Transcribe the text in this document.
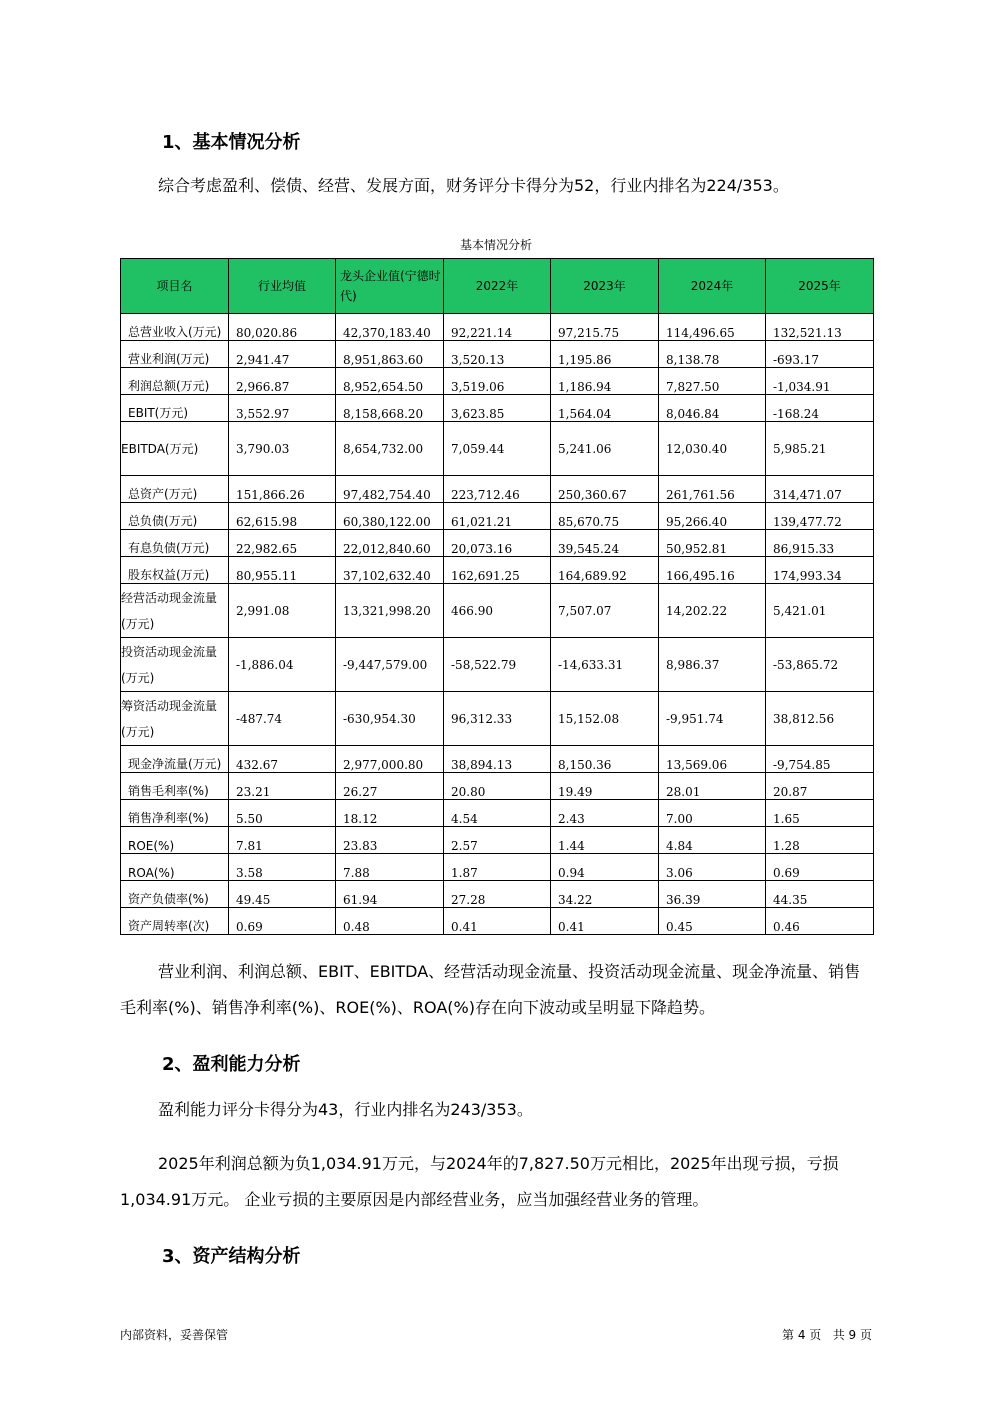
1、基本情况分析
综合考虑盈利、偿债、经营、发展方面，财务评分卡得分为52，行业内排名为224/353。
基本情况分析
项目名	行业均值	龙头企业值(宁德时代)	2022年	2023年	2024年	2025年
总营业收入(万元)	80,020.86	42,370,183.40	92,221.14	97,215.75	114,496.65	132,521.13
营业利润(万元)	2,941.47	8,951,863.60	3,520.13	1,195.86	8,138.78	-693.17
利润总额(万元)	2,966.87	8,952,654.50	3,519.06	1,186.94	7,827.50	-1,034.91
EBIT(万元)	3,552.97	8,158,668.20	3,623.85	1,564.04	8,046.84	-168.24
EBITDA(万元)	3,790.03	8,654,732.00	7,059.44	5,241.06	12,030.40	5,985.21
总资产(万元)	151,866.26	97,482,754.40	223,712.46	250,360.67	261,761.56	314,471.07
总负债(万元)	62,615.98	60,380,122.00	61,021.21	85,670.75	95,266.40	139,477.72
有息负债(万元)	22,982.65	22,012,840.60	20,073.16	39,545.24	50,952.81	86,915.33
股东权益(万元)	80,955.11	37,102,632.40	162,691.25	164,689.92	166,495.16	174,993.34
经营活动现金流量(万元)	2,991.08	13,321,998.20	466.90	7,507.07	14,202.22	5,421.01
投资活动现金流量(万元)	-1,886.04	-9,447,579.00	-58,522.79	-14,633.31	8,986.37	-53,865.72
筹资活动现金流量(万元)	-487.74	-630,954.30	96,312.33	15,152.08	-9,951.74	38,812.56
现金净流量(万元)	432.67	2,977,000.80	38,894.13	8,150.36	13,569.06	-9,754.85
销售毛利率(%)	23.21	26.27	20.80	19.49	28.01	20.87
销售净利率(%)	5.50	18.12	4.54	2.43	7.00	1.65
ROE(%)	7.81	23.83	2.57	1.44	4.84	1.28
ROA(%)	3.58	7.88	1.87	0.94	3.06	0.69
资产负债率(%)	49.45	61.94	27.28	34.22	36.39	44.35
资产周转率(次)	0.69	0.48	0.41	0.41	0.45	0.46
营业利润、利润总额、EBIT、EBITDA、经营活动现金流量、投资活动现金流量、现金净流量、销售毛利率(%)、销售净利率(%)、ROE(%)、ROA(%)存在向下波动或呈明显下降趋势。
2、盈利能力分析
盈利能力评分卡得分为43，行业内排名为243/353。
2025年利润总额为负1,034.91万元，与2024年的7,827.50万元相比，2025年出现亏损，亏损1,034.91万元。 企业亏损的主要原因是内部经营业务，应当加强经营业务的管理。
3、资产结构分析
内部资料，妥善保管	第 4 页   共 9 页
